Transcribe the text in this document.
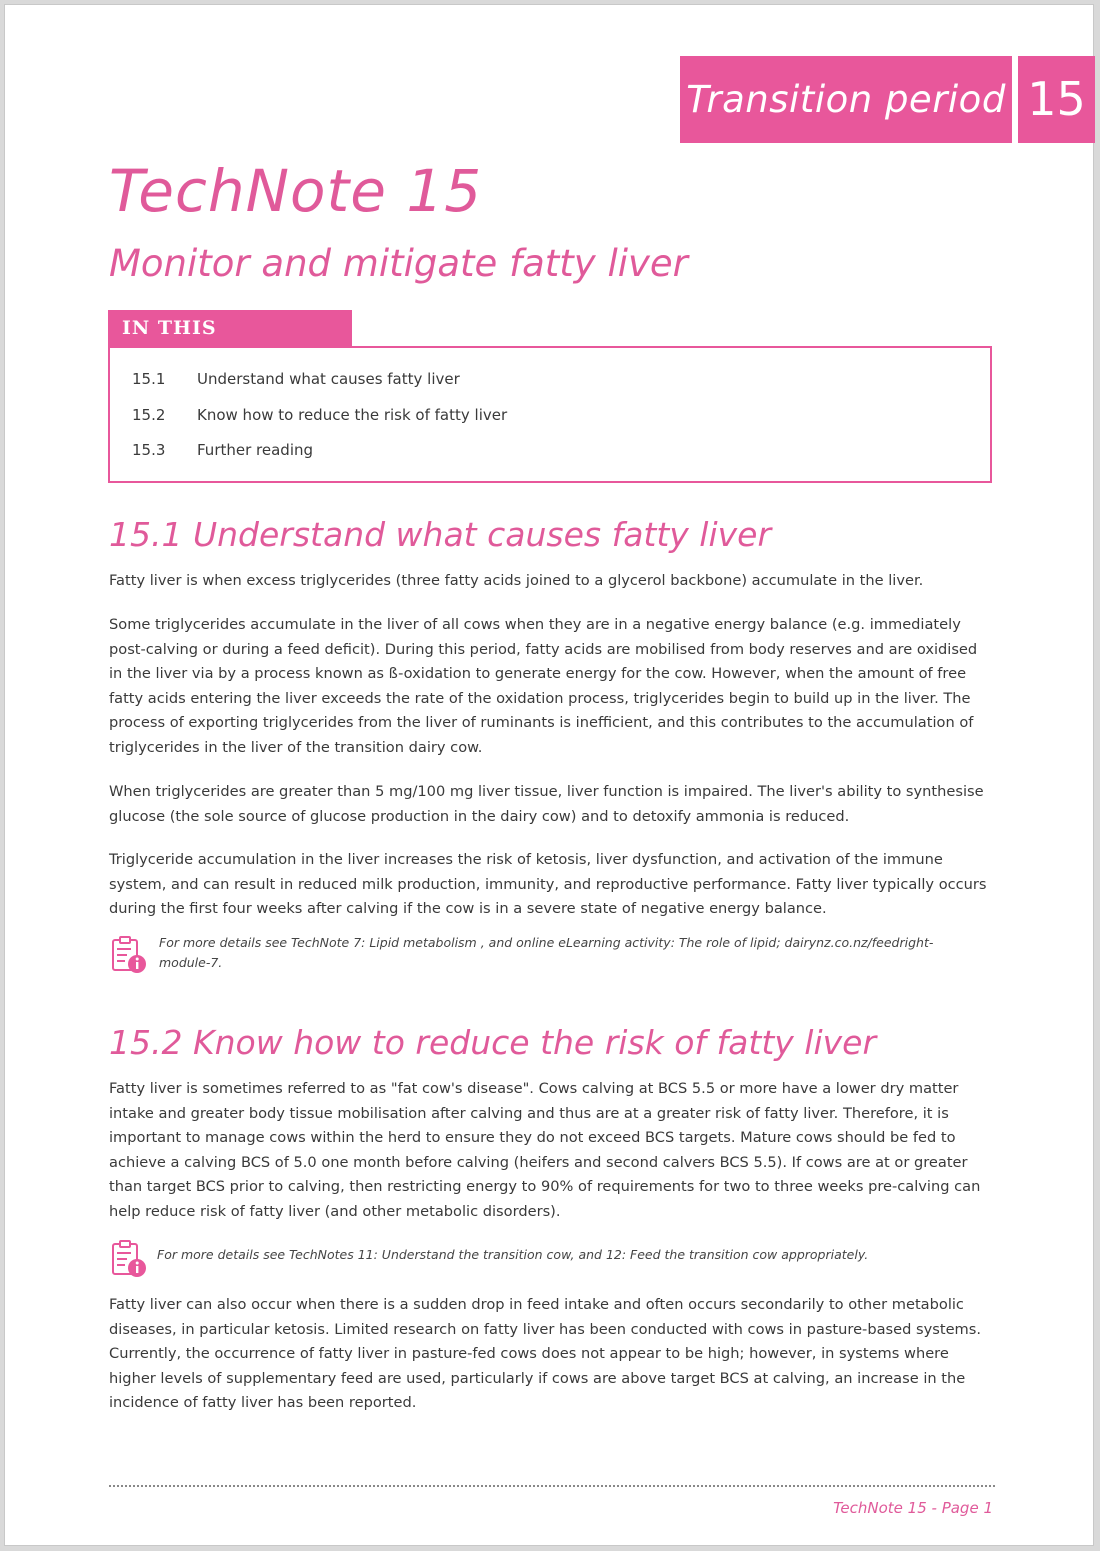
Transition period 15
TechNote 15
Monitor and mitigate fatty liver
IN THIS TECHNOTE
15.1 Understand what causes fatty liver
15.2 Know how to reduce the risk of fatty liver
15.3 Further reading
15.1 Understand what causes fatty liver

Fatty liver is when excess triglycerides (three fatty acids joined to a glycerol backbone) accumulate in the liver.

Some triglycerides accumulate in the liver of all cows when they are in a negative energy balance (e.g. immediately post-calving or during a feed deficit). During this period, fatty acids are mobilised from body reserves and are oxidised in the liver via by a process known as ß-oxidation to generate energy for the cow. However, when the amount of free fatty acids entering the liver exceeds the rate of the oxidation process, triglycerides begin to build up in the liver. The process of exporting triglycerides from the liver of ruminants is inefficient, and this contributes to the accumulation of triglycerides in the liver of the transition dairy cow.

When triglycerides are greater than 5 mg/100 mg liver tissue, liver function is impaired. The liver's ability to synthesise glucose (the sole source of glucose production in the dairy cow) and to detoxify ammonia is reduced.

Triglyceride accumulation in the liver increases the risk of ketosis, liver dysfunction, and activation of the immune system, and can result in reduced milk production, immunity, and reproductive performance. Fatty liver typically occurs during the first four weeks after calving if the cow is in a severe state of negative energy balance.

For more details see TechNote 7: Lipid metabolism , and online eLearning activity: The role of lipid; dairynz.co.nz/feedright-module-7.

15.2 Know how to reduce the risk of fatty liver

Fatty liver is sometimes referred to as "fat cow's disease". Cows calving at BCS 5.5 or more have a lower dry matter intake and greater body tissue mobilisation after calving and thus are at a greater risk of fatty liver. Therefore, it is important to manage cows within the herd to ensure they do not exceed BCS targets. Mature cows should be fed to achieve a calving BCS of 5.0 one month before calving (heifers and second calvers BCS 5.5). If cows are at or greater than target BCS prior to calving, then restricting energy to 90% of requirements for two to three weeks pre-calving can help reduce risk of fatty liver (and other metabolic disorders).

For more details see TechNotes 11: Understand the transition cow, and 12: Feed the transition cow appropriately.

Fatty liver can also occur when there is a sudden drop in feed intake and often occurs secondarily to other metabolic diseases, in particular ketosis. Limited research on fatty liver has been conducted with cows in pasture-based systems. Currently, the occurrence of fatty liver in pasture-fed cows does not appear to be high; however, in systems where higher levels of supplementary feed are used, particularly if cows are above target BCS at calving, an increase in the incidence of fatty liver has been reported.

TechNote 15 - Page 1
